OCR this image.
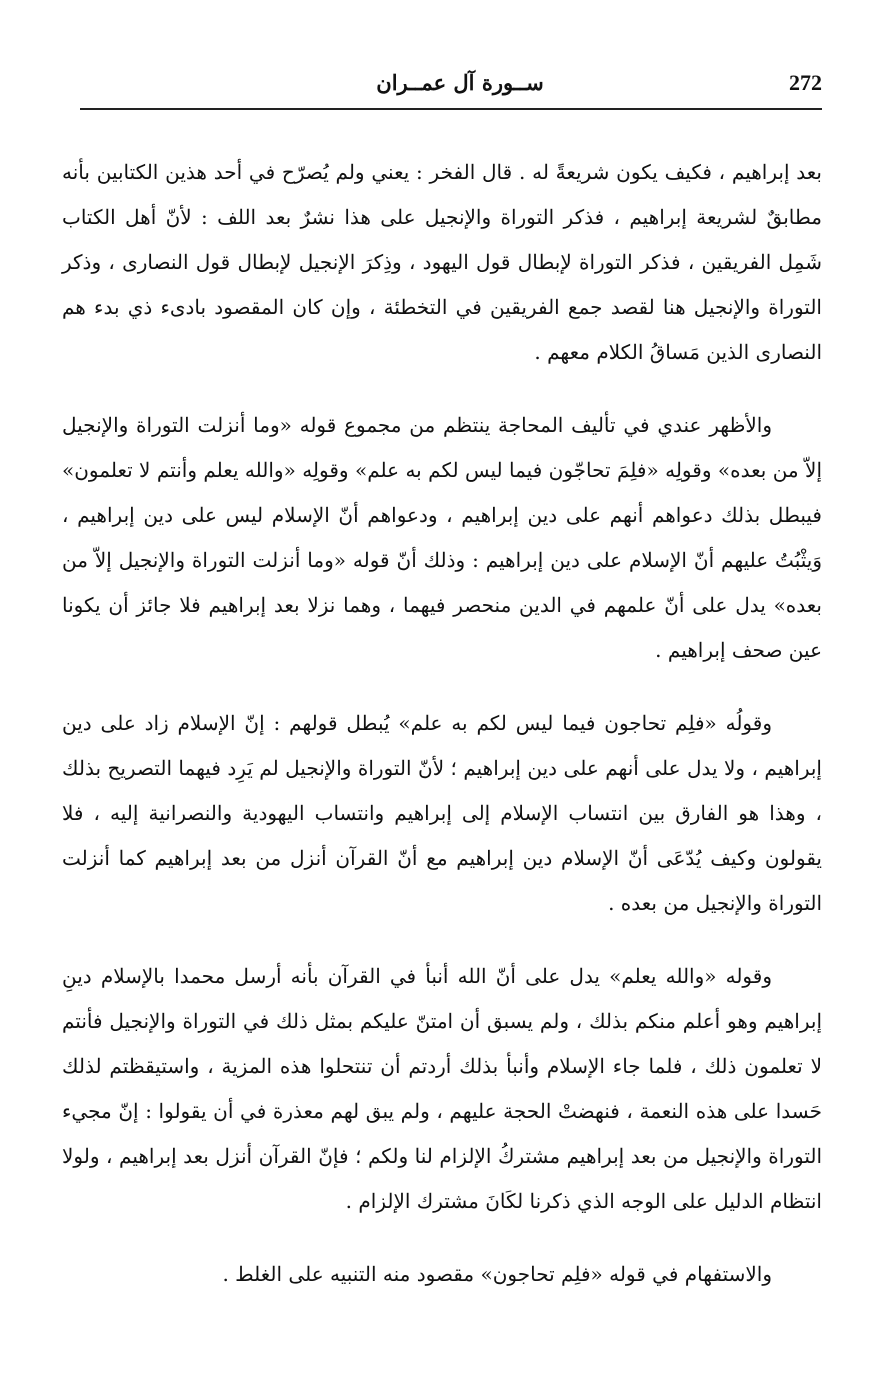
272
ســورة آل عمــران

بعد إبراهيم ، فكيف يكون شريعةً له . قال الفخر : يعني ولم يُصرّح في أحد هذين الكتابين بأنه مطابقٌ لشريعة إبراهيم ، فذكر التوراة والإنجيل على هذا نشرٌ بعد اللف : لأنّ أهل الكتاب شَمِل الفريقين ، فذكر التوراة لإبطال قول اليهود ، وذِكرَ الإنجيل لإبطال قول النصارى ، وذكر التوراة والإنجيل هنا لقصد جمع الفريقين في التخطئة ، وإن كان المقصود بادىء ذي بدء هم النصارى الذين مَساقُ الكلام معهم .

والأظهر عندي في تأليف المحاجة ينتظم من مجموع قوله «وما أنزلت التوراة والإنجيل إلاّ من بعده» وقولِه «فلِمَ تحاجّون فيما ليس لكم به علم» وقولِه «والله يعلم وأنتم لا تعلمون» فيبطل بذلك دعواهم أنهم على دين إبراهيم ، ودعواهم أنّ الإسلام ليس على دين إبراهيم ، وَيثْبُتُ عليهم أنّ الإسلام على دين إبراهيم : وذلك أنّ قوله «وما أنزلت التوراة والإنجيل إلاّ من بعده» يدل على أنّ علمهم في الدين منحصر فيهما ، وهما نزلا بعد إبراهيم فلا جائز أن يكونا عين صحف إبراهيم .

وقولُه «فلِم تحاجون فيما ليس لكم به علم» يُبطل قولهم : إنّ الإسلام زاد على دين إبراهيم ، ولا يدل على أنهم على دين إبراهيم ؛ لأنّ التوراة والإنجيل لم يَرِد فيهما التصريح بذلك ، وهذا هو الفارق بين انتساب الإسلام إلى إبراهيم وانتساب اليهودية والنصرانية إليه ، فلا يقولون وكيف يُدّعَى أنّ الإسلام دين إبراهيم مع أنّ القرآن أنزل من بعد إبراهيم كما أنزلت التوراة والإنجيل من بعده .

وقوله «والله يعلم» يدل على أنّ الله أنبأ في القرآن بأنه أرسل محمدا بالإسلام دينِ إبراهيم وهو أعلم منكم بذلك ، ولم يسبق أن امتنّ عليكم بمثل ذلك في التوراة والإنجيل فأنتم لا تعلمون ذلك ، فلما جاء الإسلام وأنبأ بذلك أردتم أن تنتحلوا هذه المزية ، واستيقظتم لذلك حَسدا على هذه النعمة ، فنهضتْ الحجة عليهم ، ولم يبق لهم معذرة في أن يقولوا : إنّ مجيء التوراة والإنجيل من بعد إبراهيم مشتركُ الإلزام لنا ولكم ؛ فإنّ القرآن أنزل بعد إبراهيم ، ولولا انتظام الدليل على الوجه الذي ذكرنا لكَانَ مشترك الإلزام .

والاستفهام في قوله «فلِم تحاجون» مقصود منه التنبيه على الغلط .
